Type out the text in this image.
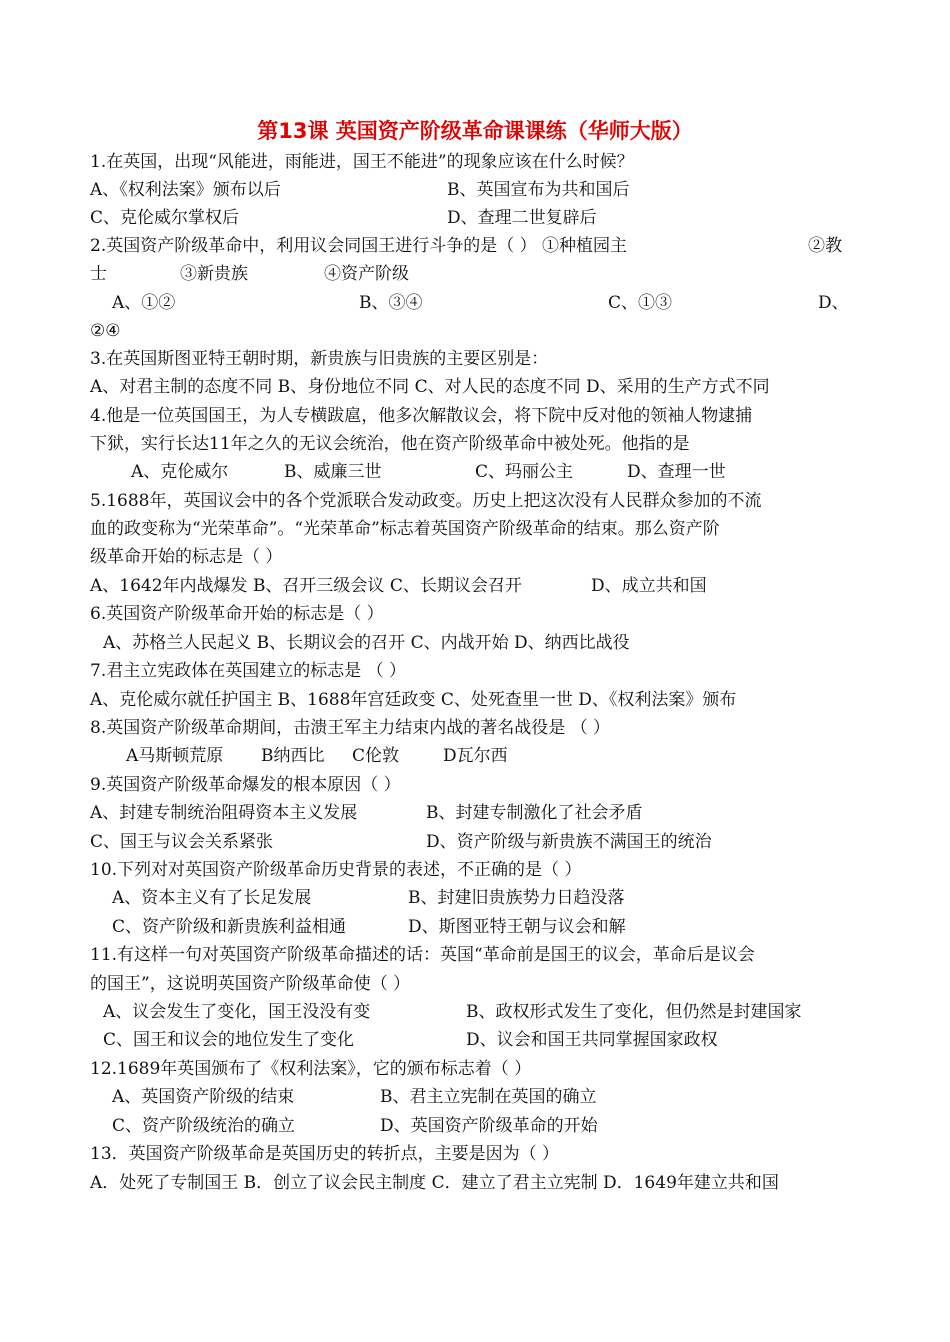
第13课 英国资产阶级革命课课练（华师大版）
1.在英国，出现“风能进，雨能进，国王不能进”的现象应该在什么时候？
A、《权利法案》颁布以后	B、英国宣布为共和国后
C、克伦威尔掌权后	D、查理二世复辟后
2.英国资产阶级革命中，利用议会同国王进行斗争的是（ ） ①种植园主	②教
士	③新贵族	④资产阶级
A、①②	B、③④	C、①③	D、
②④
3.在英国斯图亚特王朝时期，新贵族与旧贵族的主要区别是：
A、对君主制的态度不同 B、身份地位不同 C、对人民的态度不同 D、采用的生产方式不同
4.他是一位英国国王，为人专横跋扈，他多次解散议会，将下院中反对他的领袖人物逮捕
下狱，实行长达11年之久的无议会统治，他在资产阶级革命中被处死。他指的是
A、克伦威尔	B、威廉三世	C、玛丽公主	D、查理一世
5.1688年，英国议会中的各个党派联合发动政变。历史上把这次没有人民群众参加的不流
血的政变称为“光荣革命”。“光荣革命”标志着英国资产阶级革命的结束。那么资产阶
级革命开始的标志是（ ）
A、1642年内战爆发 B、召开三级会议 C、长期议会召开	D、成立共和国
6.英国资产阶级革命开始的标志是（ ）
A、苏格兰人民起义 B、长期议会的召开 C、内战开始 D、纳西比战役
7.君主立宪政体在英国建立的标志是 （ ）
A、克伦威尔就任护国主 B、1688年宫廷政变 C、处死查里一世 D、《权利法案》颁布
8.英国资产阶级革命期间，击溃王军主力结束内战的著名战役是 （ ）
A马斯顿荒原 B纳西比 C伦敦	D瓦尔西
9.英国资产阶级革命爆发的根本原因（ ）
A、封建专制统治阻碍资本主义发展	B、封建专制激化了社会矛盾
C、国王与议会关系紧张	D、资产阶级与新贵族不满国王的统治
10.下列对对英国资产阶级革命历史背景的表述，不正确的是（ ）
A、资本主义有了长足发展	B、封建旧贵族势力日趋没落
C、资产阶级和新贵族利益相通	D、斯图亚特王朝与议会和解
11.有这样一句对英国资产阶级革命描述的话：英国“革命前是国王的议会，革命后是议会
的国王”，这说明英国资产阶级革命使（ ）
A、议会发生了变化，国王没没有变	B、政权形式发生了变化，但仍然是封建国家
C、国王和议会的地位发生了变化	D、议会和国王共同掌握国家政权
12.1689年英国颁布了《权利法案》，它的颁布标志着（ ）
A、英国资产阶级的结束	B、君主立宪制在英国的确立
C、资产阶级统治的确立	D、英国资产阶级革命的开始
13．英国资产阶级革命是英国历史的转折点，主要是因为（ ）
A．处死了专制国王 B．创立了议会民主制度 C．建立了君主立宪制 D．1649年建立共和国
